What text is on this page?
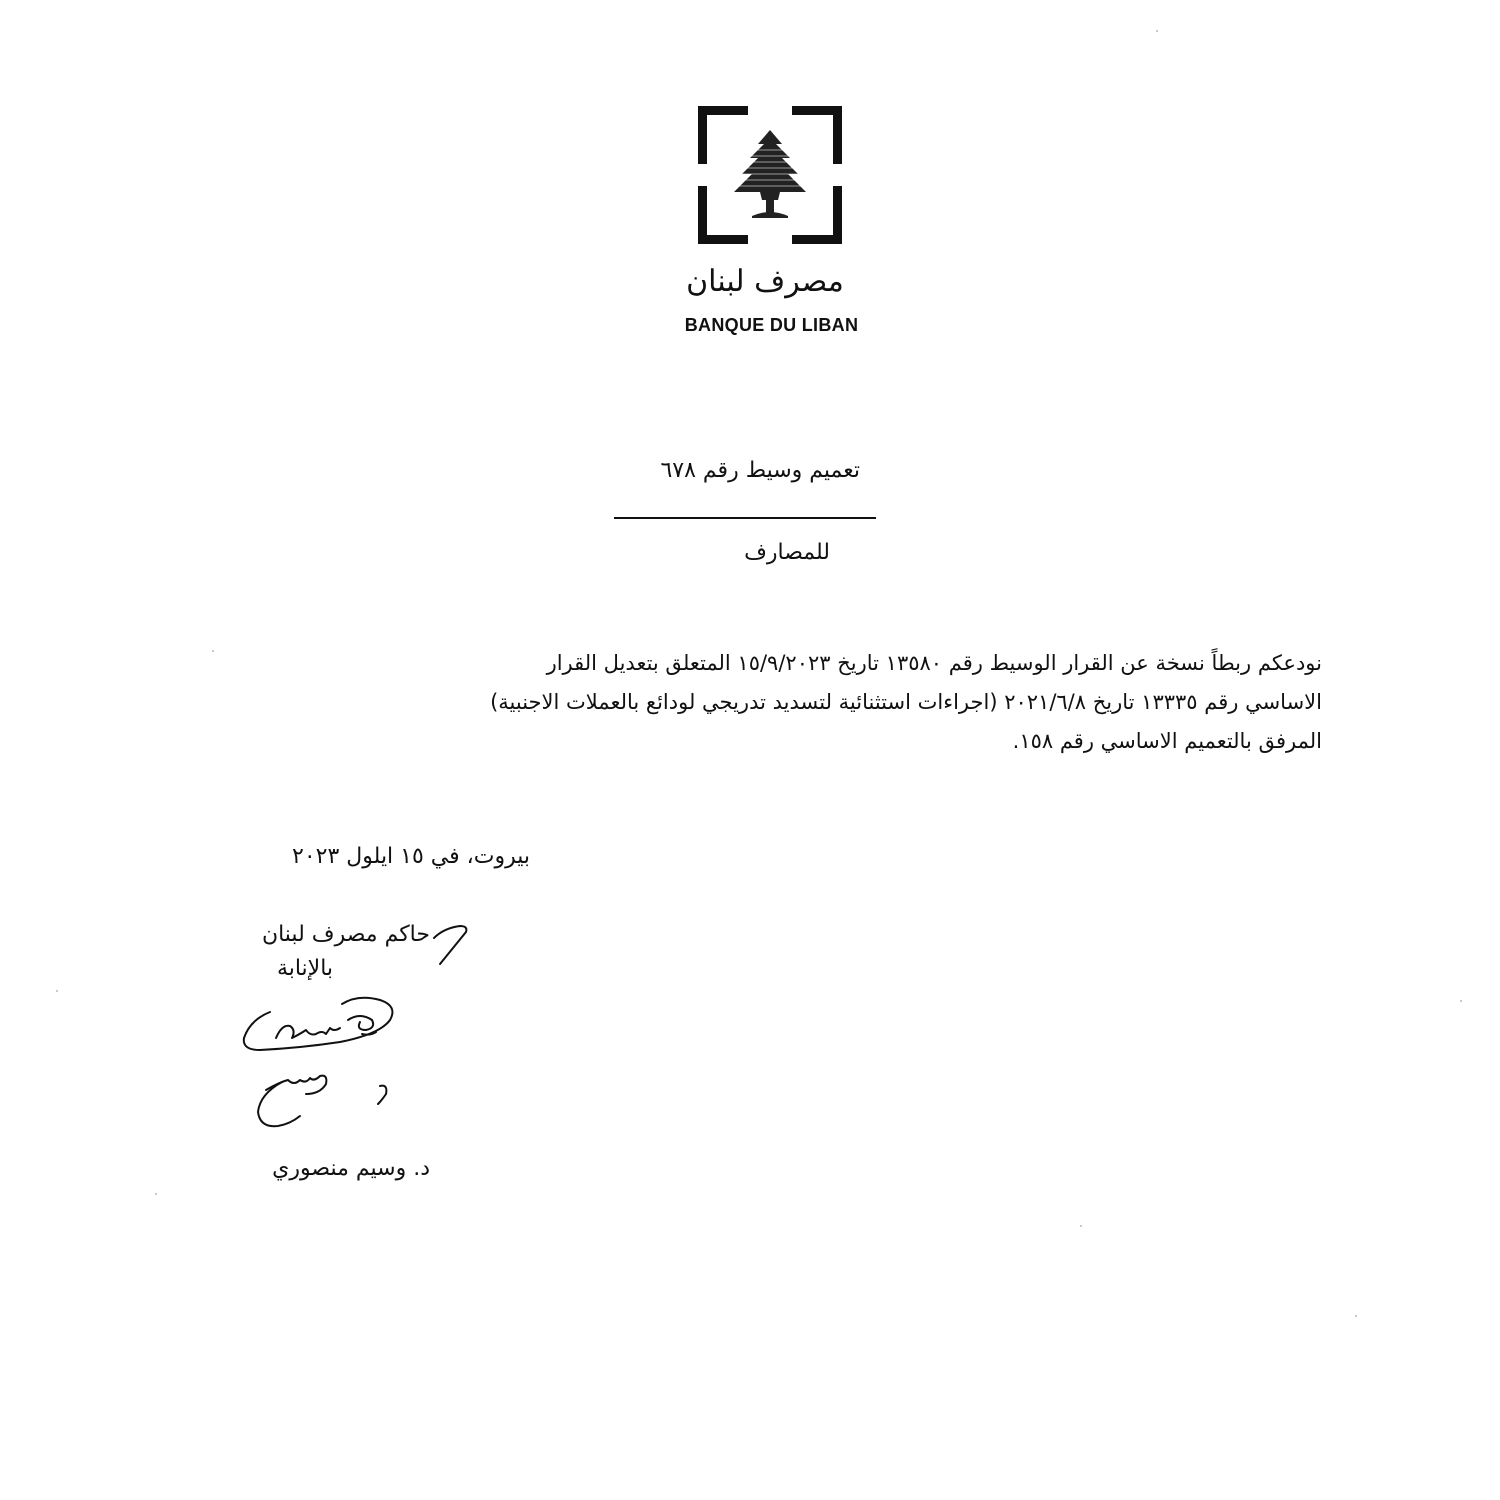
مصرف لبنان
BANQUE DU LIBAN
تعميم وسيط رقم ٦٧٨
للمصارف
نودعكم ربطاً نسخة عن القرار الوسيط رقم ١٣٥٨٠ تاريخ ١٥/٩/٢٠٢٣ المتعلق بتعديل القرار
الاساسي رقم ١٣٣٣٥ تاريخ ٢٠٢١/٦/٨ (اجراءات استثنائية لتسديد تدريجي لودائع بالعملات الاجنبية)
المرفق بالتعميم الاساسي رقم ١٥٨.
بيروت، في ١٥ ايلول ٢٠٢٣
حاكم مصرف لبنان
بالإنابة
د. وسيم منصوري
